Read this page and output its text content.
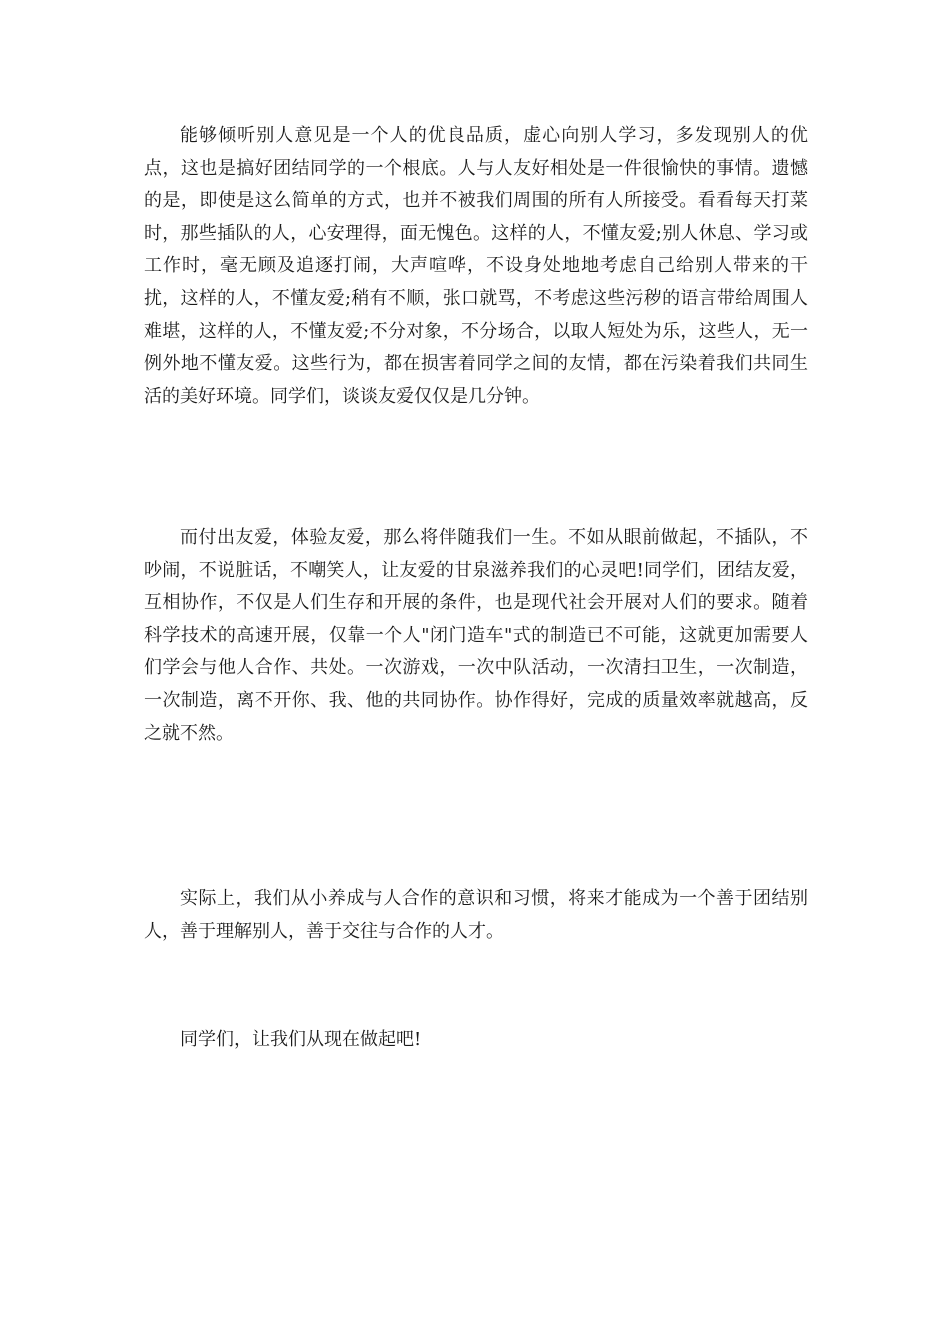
能够倾听别人意见是一个人的优良品质，虚心向别人学习，多发现别人的优点，这也是搞好团结同学的一个根底。人与人友好相处是一件很愉快的事情。遗憾的是，即使是这么简单的方式，也并不被我们周围的所有人所接受。看看每天打菜时，那些插队的人，心安理得，面无愧色。这样的人，不懂友爱;别人休息、学习或工作时，毫无顾及追逐打闹，大声喧哗，不设身处地地考虑自己给别人带来的干扰，这样的人，不懂友爱;稍有不顺，张口就骂，不考虑这些污秽的语言带给周围人难堪，这样的人，不懂友爱;不分对象，不分场合，以取人短处为乐，这些人，无一例外地不懂友爱。这些行为，都在损害着同学之间的友情，都在污染着我们共同生活的美好环境。同学们，谈谈友爱仅仅是几分钟。

而付出友爱，体验友爱，那么将伴随我们一生。不如从眼前做起，不插队，不吵闹，不说脏话，不嘲笑人，让友爱的甘泉滋养我们的心灵吧!同学们，团结友爱，互相协作，不仅是人们生存和开展的条件，也是现代社会开展对人们的要求。随着科学技术的高速开展，仅靠一个人"闭门造车"式的制造已不可能，这就更加需要人们学会与他人合作、共处。一次游戏，一次中队活动，一次清扫卫生，一次制造，一次制造，离不开你、我、他的共同协作。协作得好，完成的质量效率就越高，反之就不然。

实际上，我们从小养成与人合作的意识和习惯，将来才能成为一个善于团结别人，善于理解别人，善于交往与合作的人才。

同学们，让我们从现在做起吧!
